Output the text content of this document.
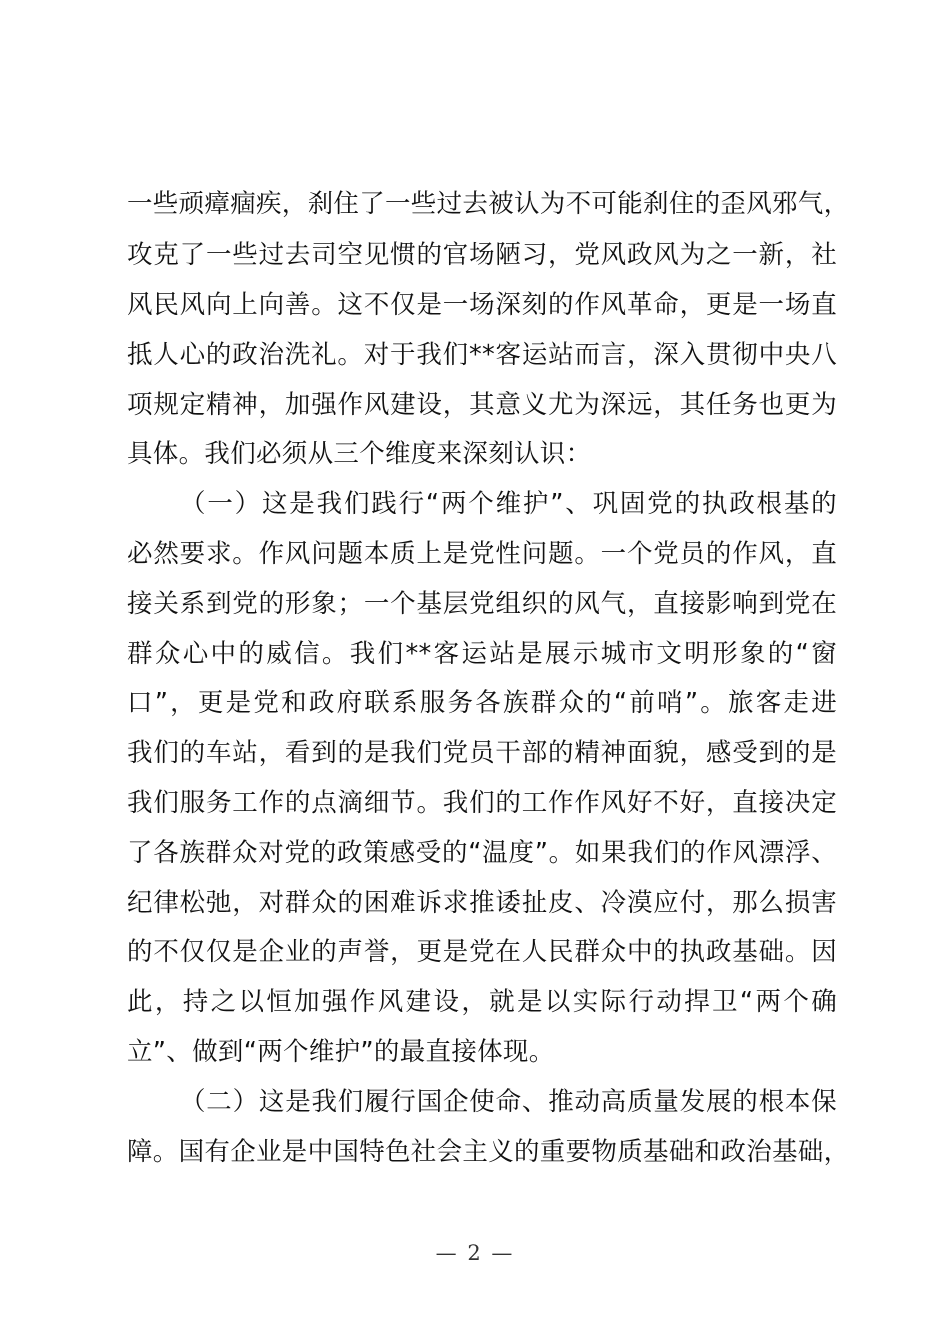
一些顽瘴痼疾，刹住了一些过去被认为不可能刹住的歪风邪气，
攻克了一些过去司空见惯的官场陋习，党风政风为之一新，社
风民风向上向善。这不仅是一场深刻的作风革命，更是一场直
抵人心的政治洗礼。对于我们**客运站而言，深入贯彻中央八
项规定精神，加强作风建设，其意义尤为深远，其任务也更为
具体。我们必须从三个维度来深刻认识：
（一）这是我们践行“两个维护”、巩固党的执政根基的
必然要求。作风问题本质上是党性问题。一个党员的作风，直
接关系到党的形象；一个基层党组织的风气，直接影响到党在
群众心中的威信。我们**客运站是展示城市文明形象的“窗
口”，更是党和政府联系服务各族群众的“前哨”。旅客走进
我们的车站，看到的是我们党员干部的精神面貌，感受到的是
我们服务工作的点滴细节。我们的工作作风好不好，直接决定
了各族群众对党的政策感受的“温度”。如果我们的作风漂浮、
纪律松弛，对群众的困难诉求推诿扯皮、冷漠应付，那么损害
的不仅仅是企业的声誉，更是党在人民群众中的执政基础。因
此，持之以恒加强作风建设，就是以实际行动捍卫“两个确
立”、做到“两个维护”的最直接体现。
（二）这是我们履行国企使命、推动高质量发展的根本保
障。国有企业是中国特色社会主义的重要物质基础和政治基础，
— 2 —
